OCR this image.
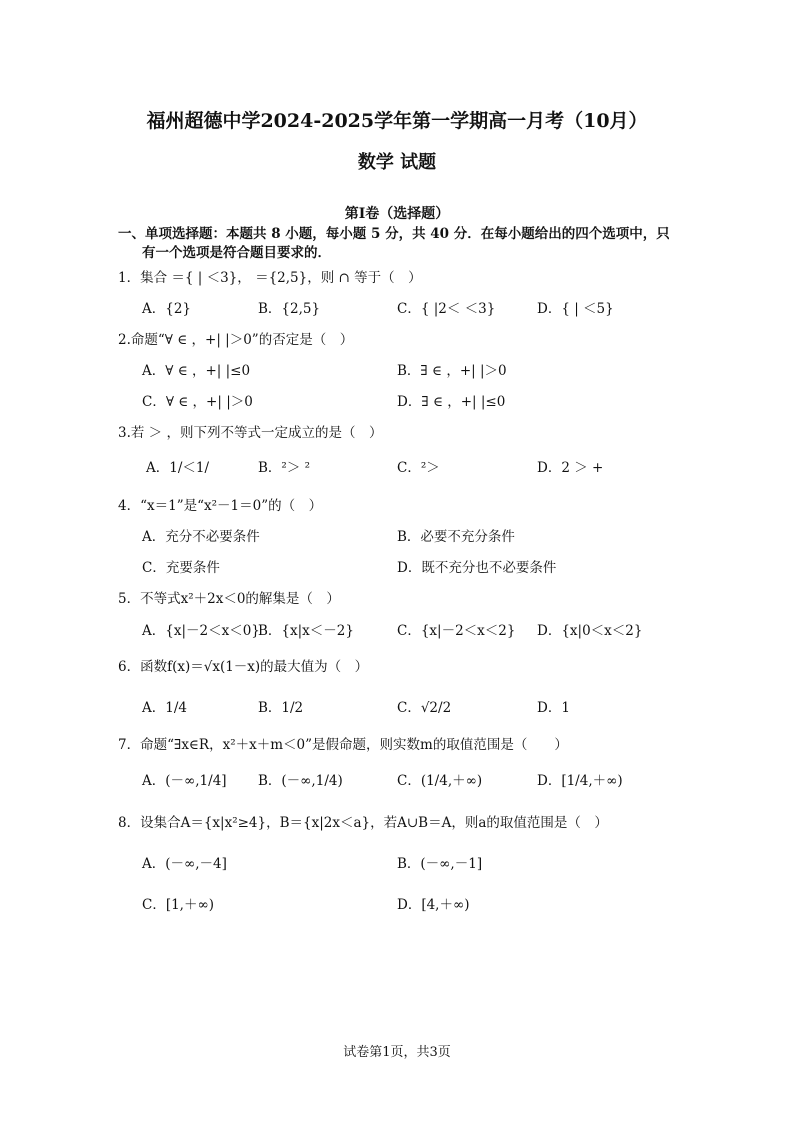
福州超德中学2024-2025学年第一学期高一月考（10月）
数学 试题
第Ⅰ卷（选择题）
一、单项选择题：本题共 8 小题，每小题 5 分，共 40 分．在每小题给出的四个选项中，只
有一个选项是符合题目要求的．
1．集合 ＝{ | ＜3}， ＝{2,5}，则 ∩ 等于（　）
A．{2}	B．{2,5}	C．{ |2＜ ＜3}	D．{ | ＜5}
2.命题“∀ ∈ ，+| |＞0”的否定是（　）
A．∀ ∈ ，+| |≤0	B．∃ ∈ ，+| |＞0
C．∀ ∈ ，+| |＞0	D．∃ ∈ ，+| |≤0
3.若 ＞ ，则下列不等式一定成立的是（　）
A．1/＜1/	B．²＞ ²	C．²＞	D．2 ＞ +
4．“x＝1”是“x²－1＝0”的（　）
A．充分不必要条件	B．必要不充分条件
C．充要条件	D．既不充分也不必要条件
5．不等式x²＋2x＜0的解集是（　）
A．{x|－2＜x＜0}
B．{x|x＜－2}	C．{x|－2＜x＜2} D．{x|0＜x＜2}
6．函数f(x)＝√x(1－x)的最大值为（　）
A．1/4	B．1/2	C．√2/2	D．1
7．命题“∃x∈R，x²＋x＋m＜0”是假命题，则实数m的取值范围是（　　）
A．(－∞,1/4] B．(－∞,1/4)	C．(1/4,＋∞)	D．[1/4,＋∞)
8．设集合A＝{x|x²≥4}，B＝{x|2x＜a}，若A∪B＝A，则a的取值范围是（　）
A．(－∞,－4]	B．(－∞,－1]
C．[1,＋∞)	D．[4,＋∞)
试卷第1页，共3页
